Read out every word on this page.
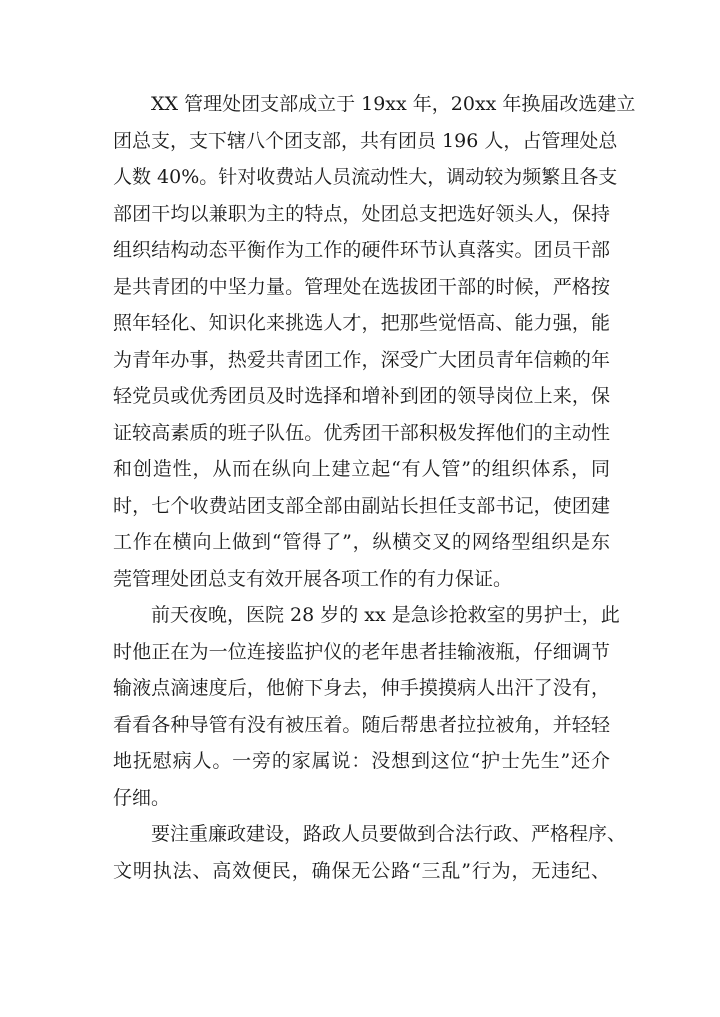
XX 管理处团支部成立于 19xx 年，20xx 年换届改选建立
团总支，支下辖八个团支部，共有团员 196 人，占管理处总
人数 40%。针对收费站人员流动性大，调动较为频繁且各支
部团干均以兼职为主的特点，处团总支把选好领头人，保持
组织结构动态平衡作为工作的硬件环节认真落实。团员干部
是共青团的中坚力量。管理处在选拔团干部的时候，严格按
照年轻化、知识化来挑选人才，把那些觉悟高、能力强，能
为青年办事，热爱共青团工作，深受广大团员青年信赖的年
轻党员或优秀团员及时选择和增补到团的领导岗位上来，保
证较高素质的班子队伍。优秀团干部积极发挥他们的主动性
和创造性，从而在纵向上建立起“有人管”的组织体系，同
时，七个收费站团支部全部由副站长担任支部书记，使团建
工作在横向上做到“管得了”，纵横交叉的网络型组织是东
莞管理处团总支有效开展各项工作的有力保证。
前天夜晚，医院 28 岁的 xx 是急诊抢救室的男护士，此
时他正在为一位连接监护仪的老年患者挂输液瓶，仔细调节
输液点滴速度后，他俯下身去，伸手摸摸病人出汗了没有，
看看各种导管有没有被压着。随后帮患者拉拉被角，并轻轻
地抚慰病人。一旁的家属说：没想到这位“护士先生”还介
仔细。
要注重廉政建设，路政人员要做到合法行政、严格程序、
文明执法、高效便民，确保无公路“三乱”行为，无违纪、
